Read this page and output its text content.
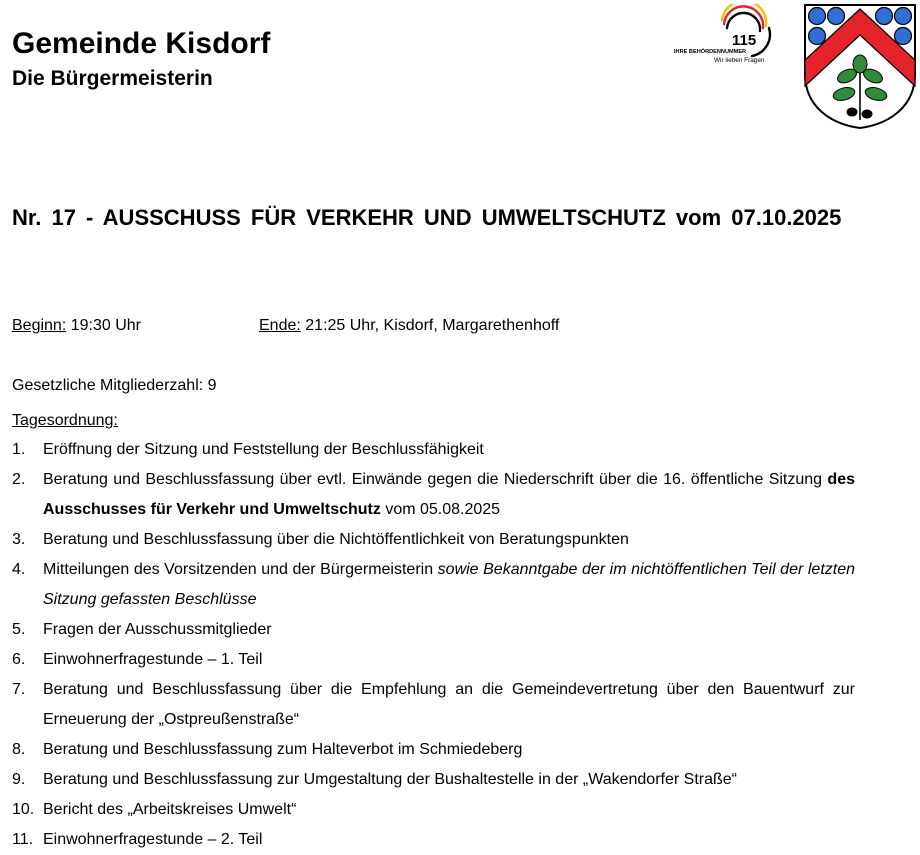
Gemeinde Kisdorf
Die Bürgermeisterin
115
IHRE BEHÖRDENNUMMER
Wir lieben Fragen
Nr. 17 - AUSSCHUSS FÜR VERKEHR UND UMWELTSCHUTZ vom 07.10.2025
Beginn: 19:30 Uhr	Ende: 21:25 Uhr, Kisdorf, Margarethenhoff
Gesetzliche Mitgliederzahl: 9
Tagesordnung:
1. Eröffnung der Sitzung und Feststellung der Beschlussfähigkeit
2. Beratung und Beschlussfassung über evtl. Einwände gegen die Niederschrift über die 16. öffentliche Sitzung des Ausschusses für Verkehr und Umweltschutz vom 05.08.2025
3. Beratung und Beschlussfassung über die Nichtöffentlichkeit von Beratungspunkten
4. Mitteilungen des Vorsitzenden und der Bürgermeisterin sowie Bekanntgabe der im nichtöffentlichen Teil der letzten Sitzung gefassten Beschlüsse
5. Fragen der Ausschussmitglieder
6. Einwohnerfragestunde – 1. Teil
7. Beratung und Beschlussfassung über die Empfehlung an die Gemeindevertretung über den Bauentwurf zur Erneuerung der „Ostpreußenstraße“
8. Beratung und Beschlussfassung zum Halteverbot im Schmiedeberg
9. Beratung und Beschlussfassung zur Umgestaltung der Bushaltestelle in der „Wakendorfer Straße“
10. Bericht des „Arbeitskreises Umwelt“
11. Einwohnerfragestunde – 2. Teil
